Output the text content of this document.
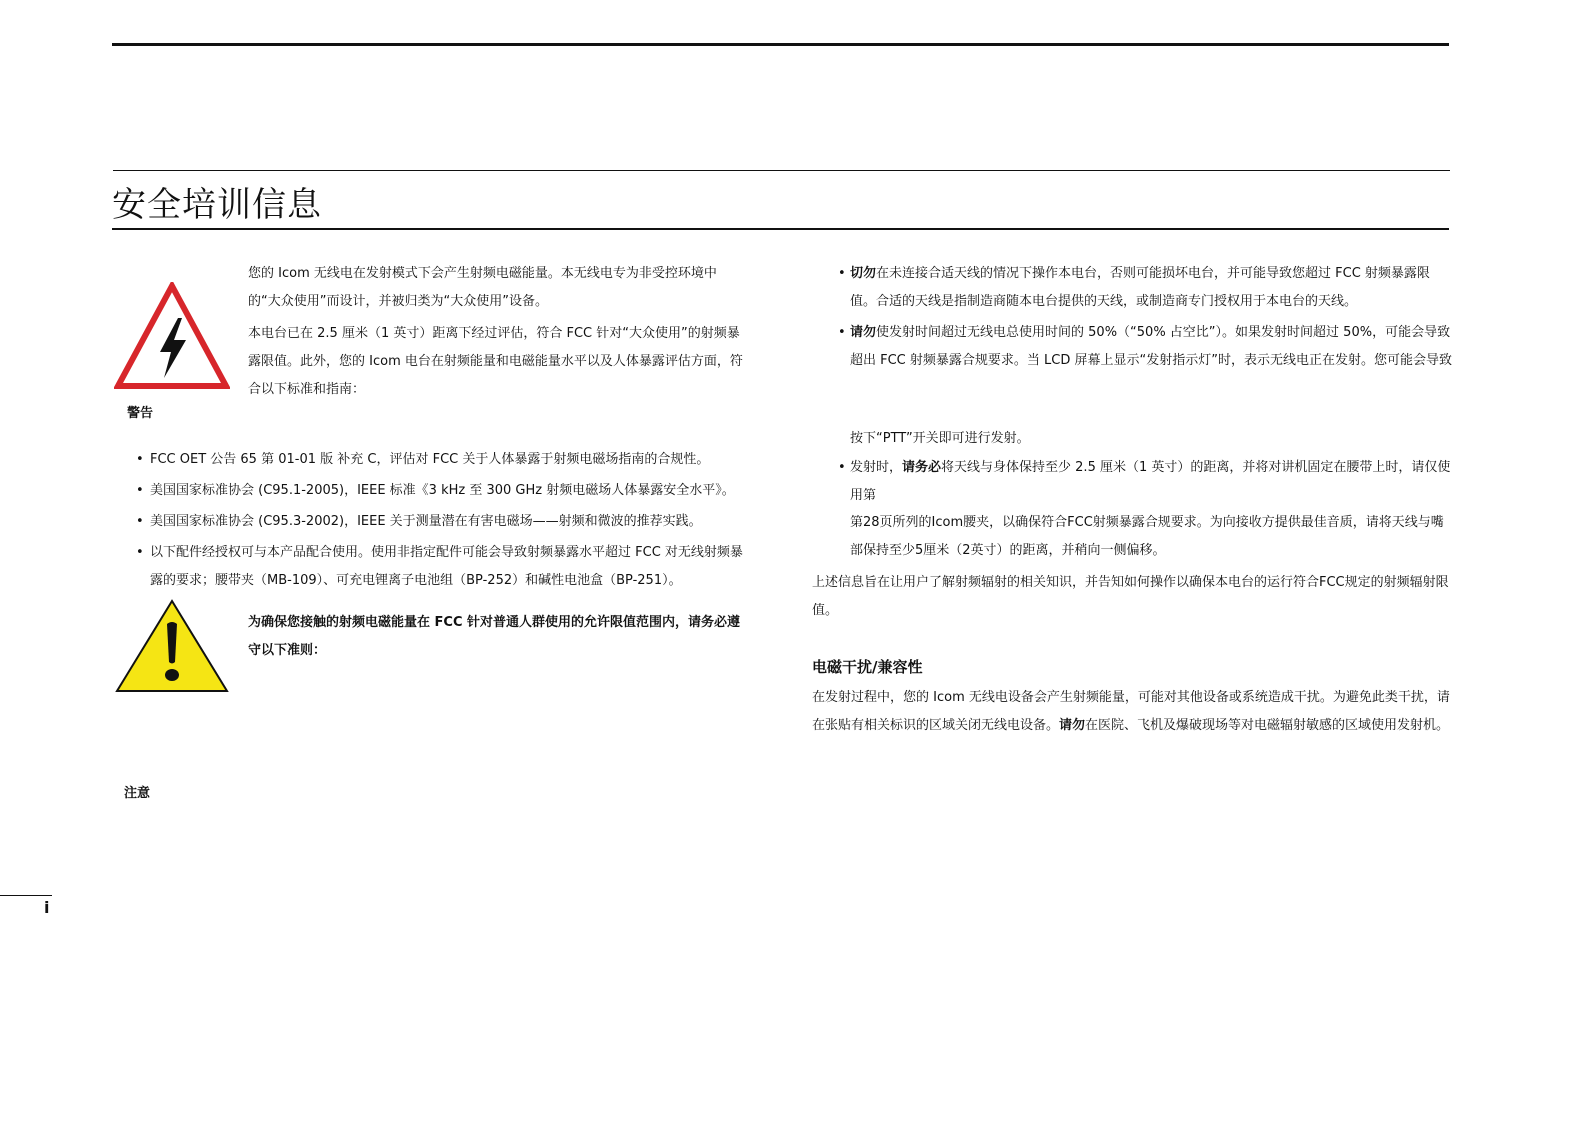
安全培训信息

您的 Icom 无线电在发射模式下会产生射频电磁能量。本无线电专为非受控环境中的“大众使用”而设计，并被归类为“大众使用”设备。

本电台已在 2.5 厘米（1 英寸）距离下经过评估，符合 FCC 针对“大众使用”的射频暴露限值。此外，您的 Icom 电台在射频能量和电磁能量水平以及人体暴露评估方面，符合以下标准和指南：

警告
• FCC OET 公告 65 第 01-01 版 补充 C，评估对 FCC 关于人体暴露于射频电磁场指南的合规性。
• 美国国家标准协会 (C95.1-2005)，IEEE 标准《3 kHz 至 300 GHz 射频电磁场人体暴露安全水平》。
• 美国国家标准协会 (C95.3-2002)，IEEE 关于测量潜在有害电磁场——射频和微波的推荐实践。
• 以下配件经授权可与本产品配合使用。使用非指定配件可能会导致射频暴露水平超过 FCC 对无线射频暴露的要求；腰带夹（MB-109）、可充电锂离子电池组（BP-252）和碱性电池盒（BP-251）。

为确保您接触的射频电磁能量在 FCC 针对普通人群使用的允许限值范围内，请务必遵守以下准则：

注意
• 切勿在未连接合适天线的情况下操作本电台，否则可能损坏电台，并可能导致您超过 FCC 射频暴露限值。合适的天线是指制造商随本电台提供的天线，或制造商专门授权用于本电台的天线。
• 请勿使发射时间超过无线电总使用时间的 50%（“50% 占空比”）。如果发射时间超过 50%，可能会导致超出 FCC 射频暴露合规要求。当 LCD 屏幕上显示“发射指示灯”时，表示无线电正在发射。您可能会导致

按下“PTT”开关即可进行发射。

• 发射时，请务必将天线与身体保持至少 2.5 厘米（1 英寸）的距离，并将对讲机固定在腰带上时，请仅使用第

第28页所列的Icom腰夹，以确保符合FCC射频暴露合规要求。为向接收方提供最佳音质，请将天线与嘴部保持至少5厘米（2英寸）的距离，并稍向一侧偏移。

上述信息旨在让用户了解射频辐射的相关知识，并告知如何操作以确保本电台的运行符合FCC规定的射频辐射限值。

电磁干扰/兼容性

在发射过程中，您的 Icom 无线电设备会产生射频能量，可能对其他设备或系统造成干扰。为避免此类干扰，请在张贴有相关标识的区域关闭无线电设备。请勿在医院、飞机及爆破现场等对电磁辐射敏感的区域使用发射机。

i
